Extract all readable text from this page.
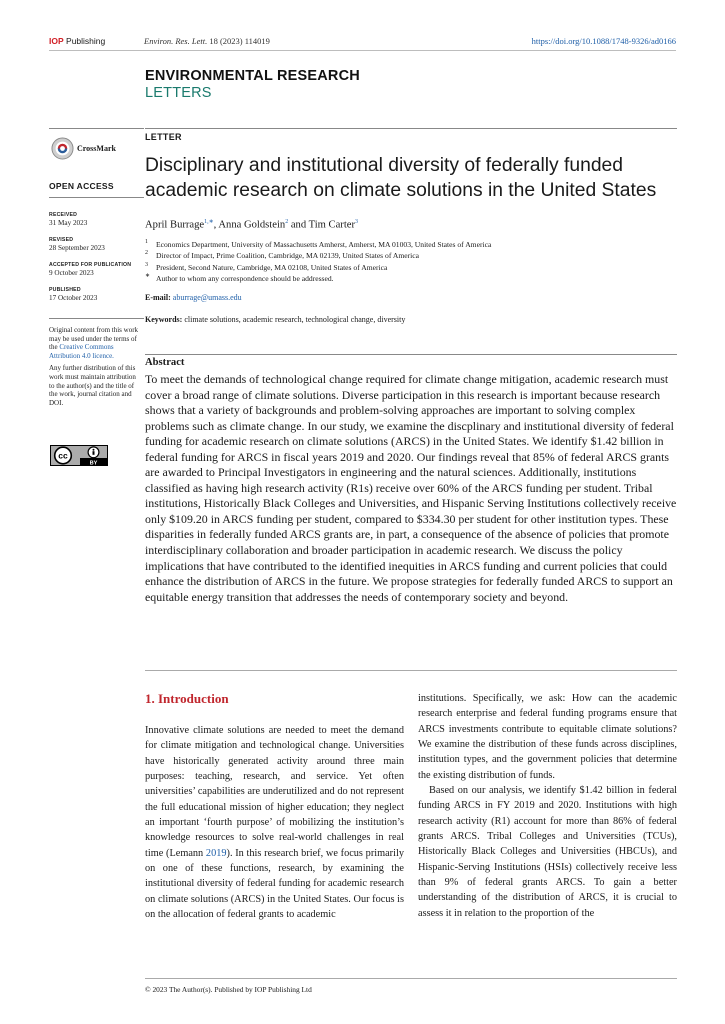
IOP Publishing	Environ. Res. Lett. 18 (2023) 114019	https://doi.org/10.1088/1748-9326/ad0166
ENVIRONMENTAL RESEARCH
LETTERS
CrossMark
OPEN ACCESS
RECEIVED
31 May 2023
REVISED
28 September 2023
ACCEPTED FOR PUBLICATION
9 October 2023
PUBLISHED
17 October 2023

Original content from this work may be used under the terms of the Creative Commons Attribution 4.0 licence.

Any further distribution of this work must maintain attribution to the author(s) and the title of the work, journal citation and DOI.

cc
BY
LETTER
Disciplinary and institutional diversity of federally funded academic research on climate solutions in the United States
April Burrage$^{1,∗}$, Anna Goldstein$^2$ and Tim Carter$^3$
1	Economics Department, University of Massachusetts Amherst, Amherst, MA 01003, United States of America
2	Director of Impact, Prime Coalition, Cambridge, MA 02139, United States of America
3	President, Second Nature, Cambridge, MA 02108, United States of America
∗ Author to whom any correspondence should be addressed.
E-mail: aburrage@umass.edu
Keywords: climate solutions, academic research, technological change, diversity
Abstract

To meet the demands of technological change required for climate change mitigation, academic research must cover a broad range of climate solutions. Diverse participation in this research is important because research shows that a variety of backgrounds and problem-solving approaches are important to solving complex problems such as climate change. In our study, we examine the discplinary and institutional diversity of federal funding for academic research on climate solutions (ARCS) in the United States. We identify $1.42 billion in federal funding for ARCS in fiscal years 2019 and 2020. Our findings reveal that 85% of federal ARCS grants are awarded to Principal Investigators in engineering and the natural sciences. Additionally, institutions classified as having high research activity (R1s) receive over 60% of the ARCS funding per student. Tribal institutions, Historically Black Colleges and Universities, and Hispanic Serving Institutions collectively receive only $109.20 in ARCS funding per student, compared to $334.30 per student for other institution types. These disparities in federally funded ARCS grants are, in part, a consequence of the absence of policies that promote interdisciplinary collaboration and broader participation in academic research. We discuss the policy implications that have contributed to the identified inequities in ARCS funding and current policies that could enhance the distribution of ARCS in the future. We propose strategies for federally funded ARCS to support an equitable energy transition that addresses the needs of contemporary society and beyond.

1. Introduction

Innovative climate solutions are needed to meet the demand for climate mitigation and technological change. Universities have historically generated activity around three main purposes: teaching, research, and service. Yet often universities’ capabilities are underutilized and do not represent the full educational mission of higher education; they neglect an important ‘fourth purpose’ of mobilizing the institution’s knowledge resources to solve real-world challenges in real time (Lemann 2019). In this research brief, we focus primarily on one of these functions, research, by examining the institutional diversity of federal funding for academic research on climate solutions (ARCS) in the United States. Our focus is on the allocation of federal grants to academic

institutions. Specifically, we ask: How can the academic research enterprise and federal funding programs ensure that ARCS investments contribute to equitable climate solutions? We examine the distribution of these funds across disciplines, institution types, and the government policies that determine the existing distribution of funds.
Based on our analysis, we identify $1.42 billion in federal funding ARCS in FY 2019 and 2020. Institutions with high research activity (R1) account for more than 86% of federal grants ARCS. Tribal Colleges and Universities (TCUs), Historically Black Colleges and Universities (HBCUs), and Hispanic-Serving Institutions (HSIs) collectively receive less than 9% of federal grants ARCS. To gain a better understanding of the distribution of ARCS, it is crucial to assess it in relation to the proportion of the

© 2023 The Author(s). Published by IOP Publishing Ltd
